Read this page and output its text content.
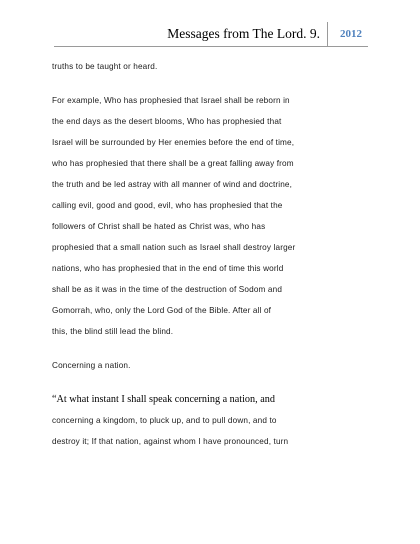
Messages from The Lord. 9. 2012
truths to be taught or heard.
For example, Who has prophesied that Israel shall be reborn in
the end days as the desert blooms, Who has prophesied that
Israel will be surrounded by Her enemies before the end of time,
who has prophesied that there shall be a great falling away from
the truth and be led astray with all manner of wind and doctrine,
calling evil, good and good, evil, who has prophesied that the
followers of Christ shall be hated as Christ was, who has
prophesied that a small nation such as Israel shall destroy larger
nations, who has prophesied that in the end of time this world
shall be as it was in the time of the destruction of Sodom and
Gomorrah, who, only the Lord God of the Bible. After all of
this, the blind still lead the blind.
Concerning a nation.
“At what instant I shall speak concerning a nation, and
concerning a kingdom, to pluck up, and to pull down, and to
destroy it; If that nation, against whom I have pronounced, turn
